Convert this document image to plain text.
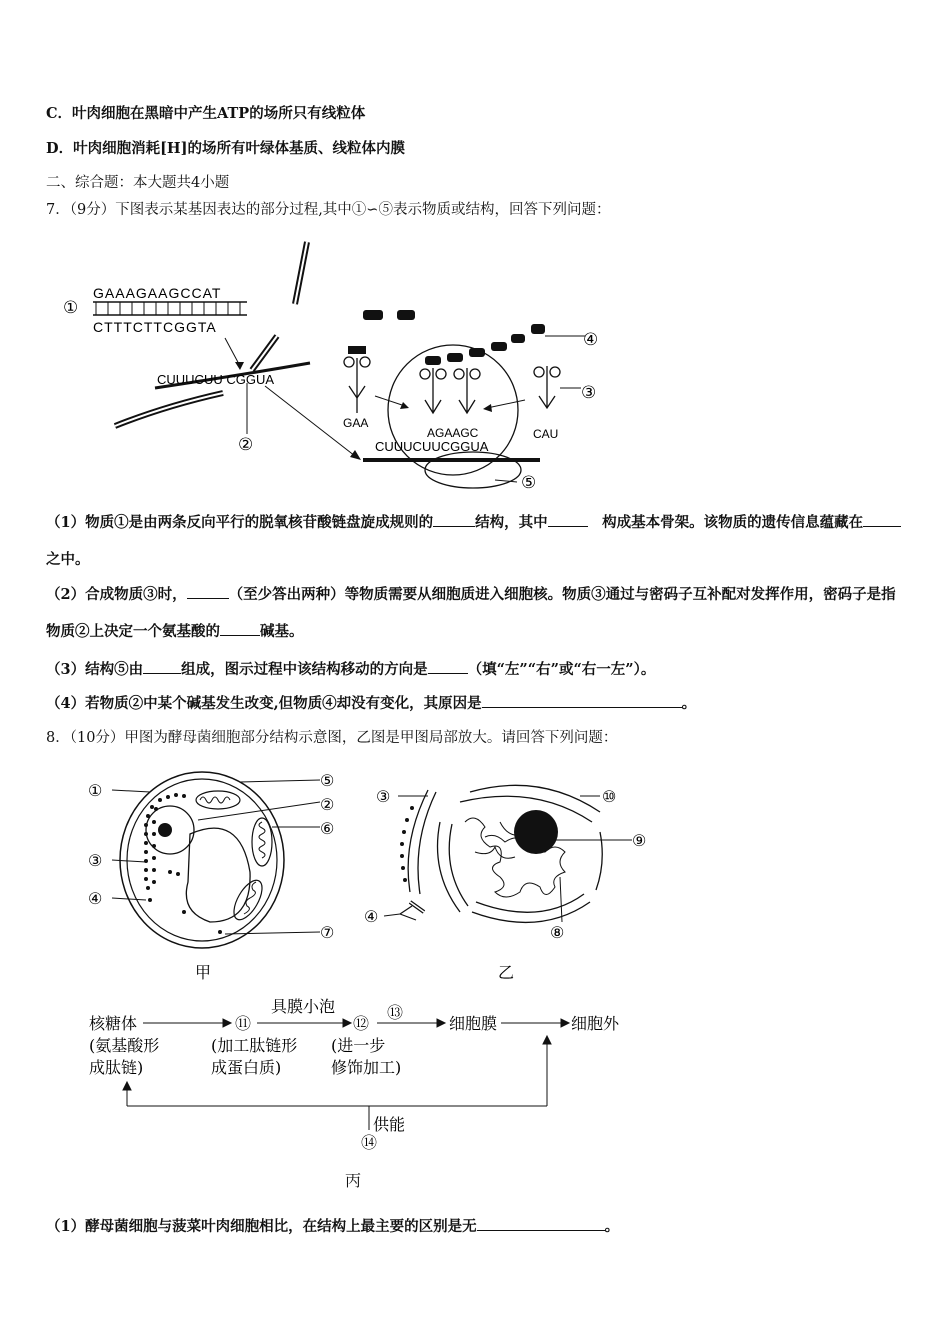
C．叶肉细胞在黑暗中产生ATP的场所只有线粒体
D．叶肉细胞消耗[H]的场所有叶绿体基质、线粒体内膜
二、综合题：本大题共4小题
7．（9分）下图表示某基因表达的部分过程,其中①∽⑤表示物质或结构，回答下列问题：
①
GAAAGAAGCCAT
CTTTCTTCGGTA
CUUUCUU CGGUA
②	CUUUCUUCGGUA
GAA
AGAAGC	CAU
④
③
⑤
（1）物质①是由两条反向平行的脱氧核苷酸链盘旋成规则的	结构，其中　	构成基本骨架。该物质的遗传信息蕴藏在之中。
（2）合成物质③时，	（至少答出两种）等物质需要从细胞质进入细胞核。物质③通过与密码子互补配对发挥作用，密码子是指物质②上决定一个氨基酸的	碱基。
（3）结构⑤由	组成，图示过程中该结构移动的方向是	（填“左”“右”或“右一左”）。
（4）若物质②中某个碱基发生改变,但物质④却没有变化，其原因是	。
8．（10分）甲图为酵母菌细胞部分结构示意图，乙图是甲图局部放大。请回答下列问题：
①
②
③
④
⑤
⑥
⑦
甲
③
④
⑧
⑨
⑩
乙
核糖体
(氨基酸形
成肽链)
⑪
(加工肽链形
成蛋白质)
具膜小泡
⑫
(进一步
修饰加工)
⑬
细胞膜	细胞外
供能
⑭
丙
（1）酵母菌细胞与菠菜叶肉细胞相比，在结构上最主要的区别是无	。
